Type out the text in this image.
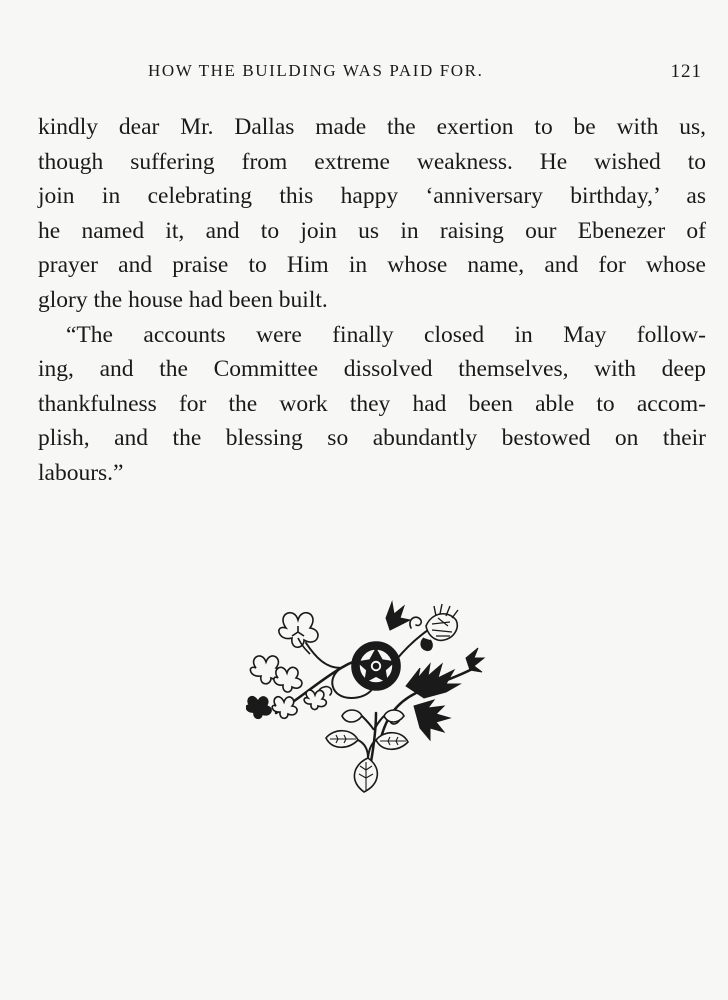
HOW THE BUILDING WAS PAID FOR.	121
kindly dear Mr. Dallas made the exertion to be with us,
though suffering from extreme weakness. He wished to
join in celebrating this happy ‘anniversary birthday,’ as
he named it, and to join us in raising our Ebenezer of
prayer and praise to Him in whose name, and for whose
glory the house had been built.
“The accounts were finally closed in May follow-
ing, and the Committee dissolved themselves, with deep
thankfulness for the work they had been able to accom-
plish, and the blessing so abundantly bestowed on their
labours.”
